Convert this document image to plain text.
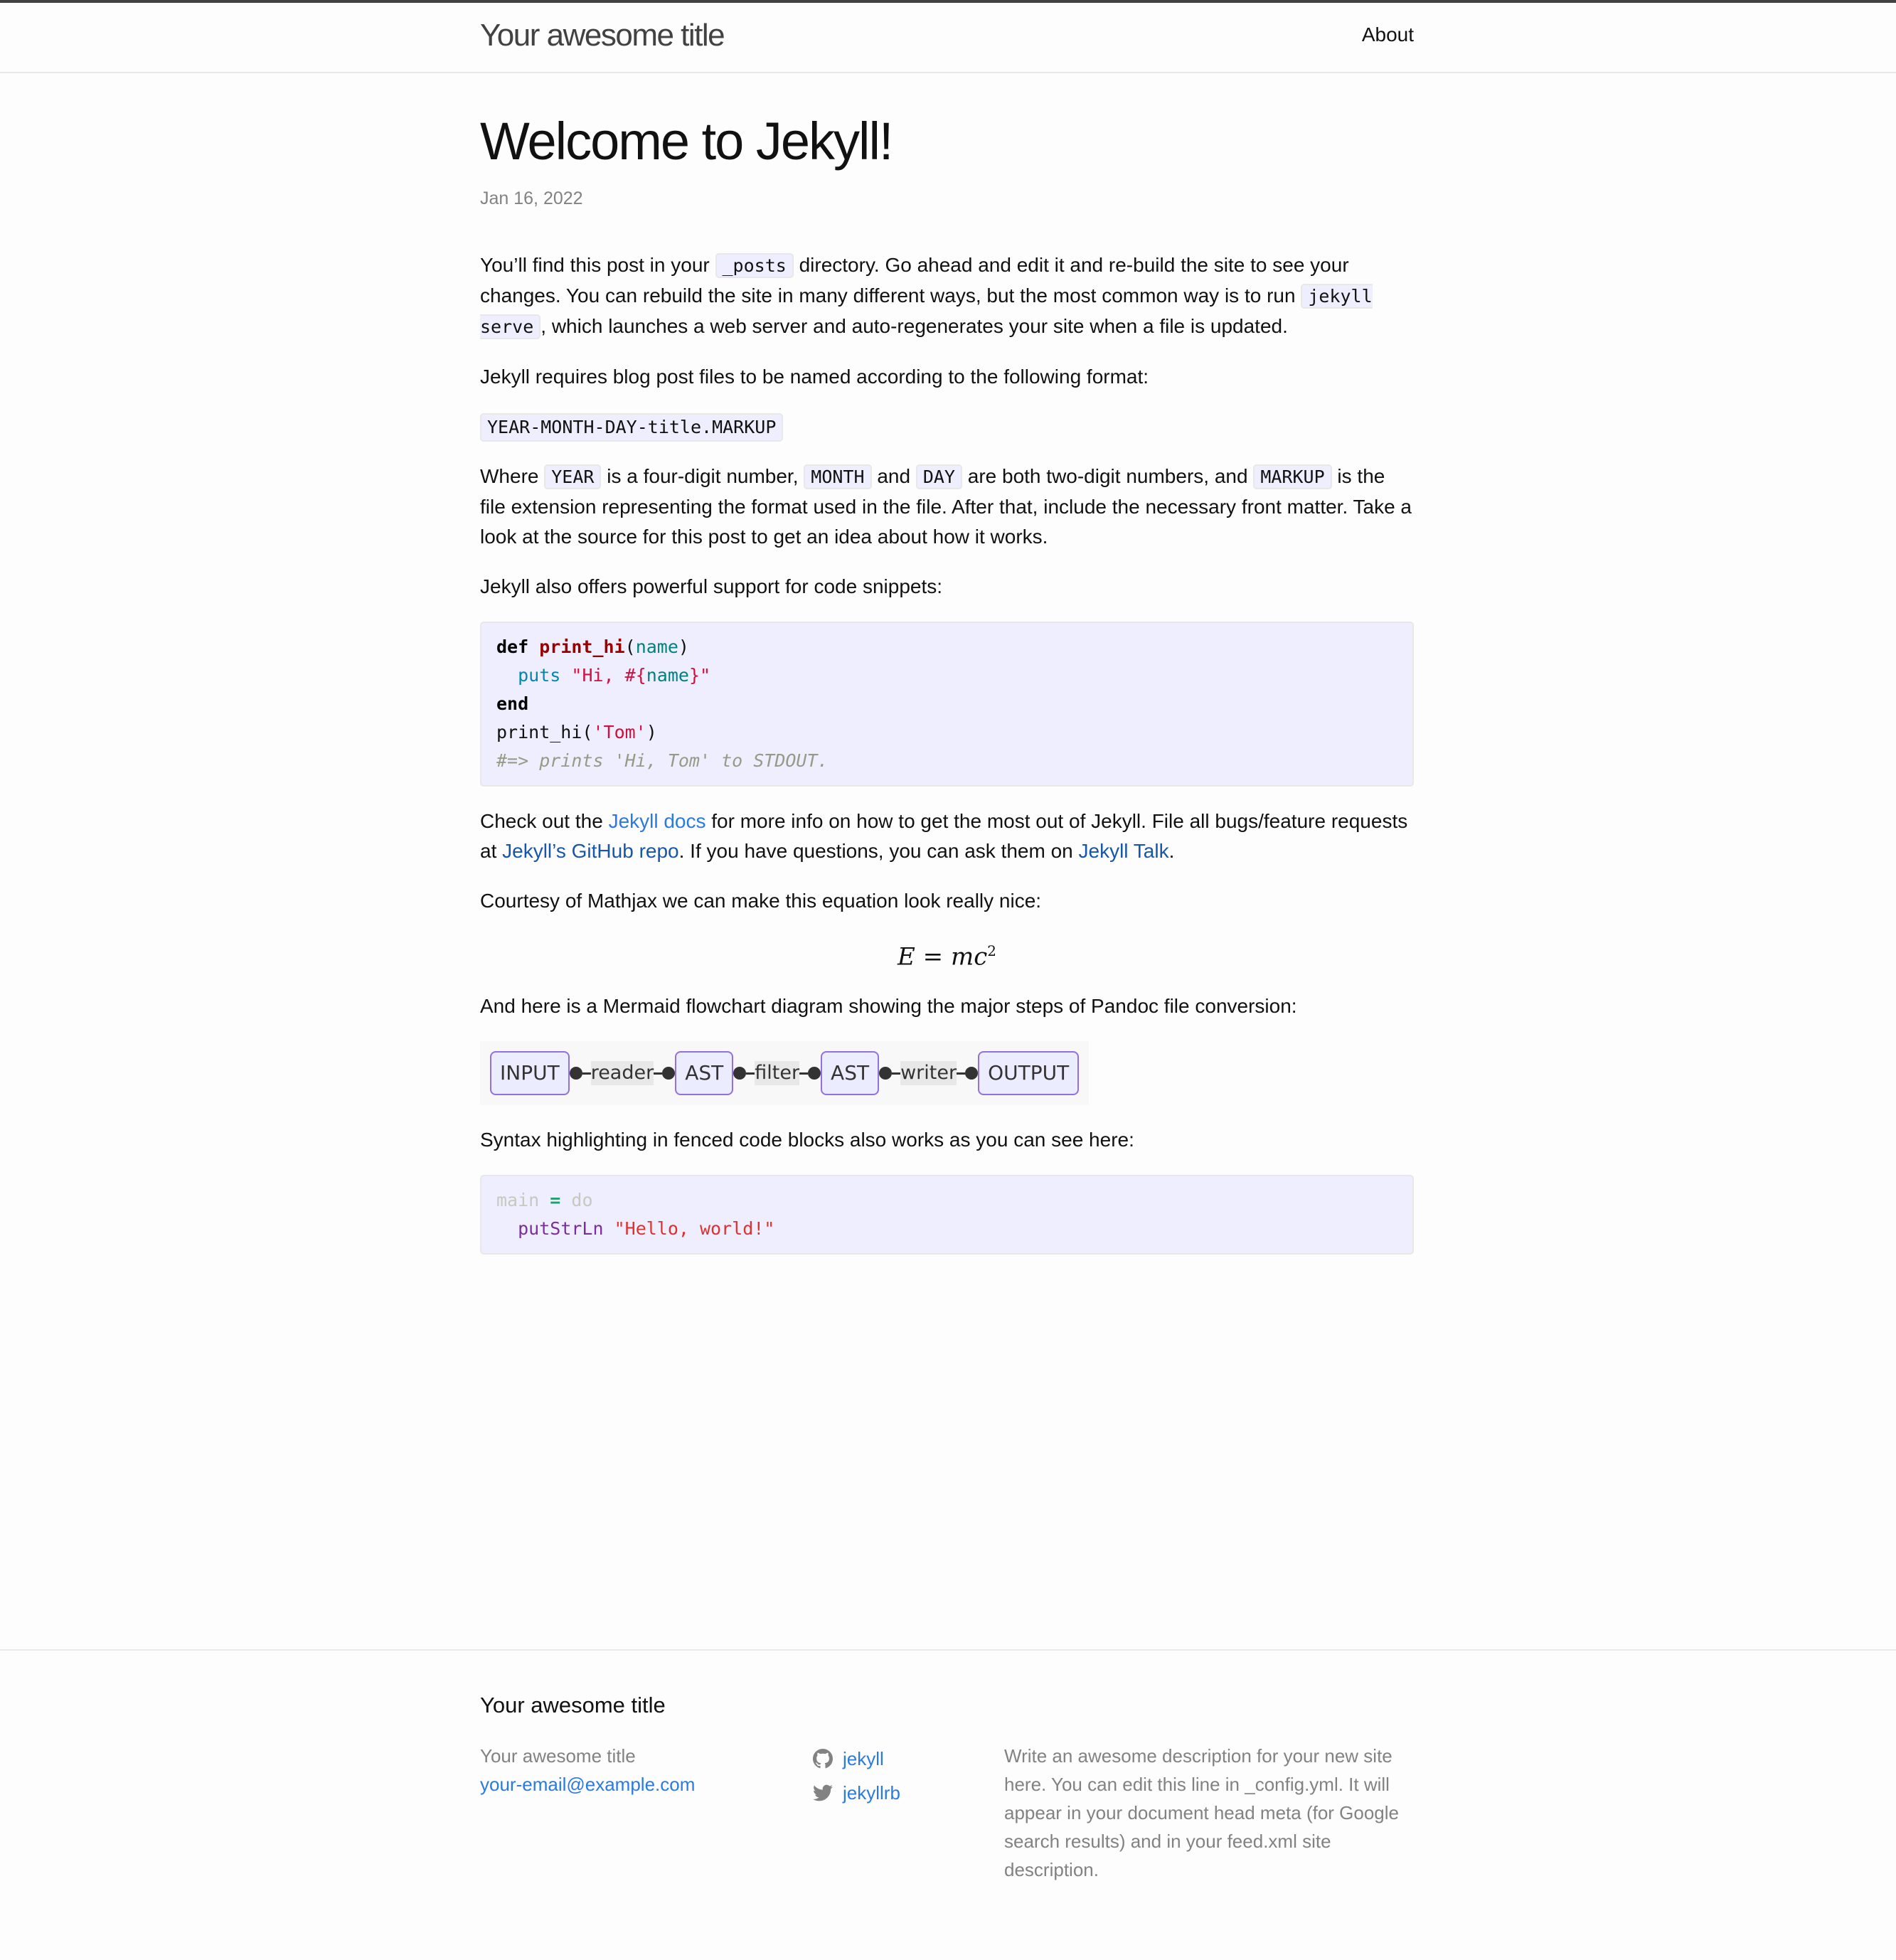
Your awesome title	About
Welcome to Jekyll!
Jan 16, 2022

You’ll find this post in your _posts directory. Go ahead and edit it and re-build the site to see your changes. You can rebuild the site in many different ways, but the most common way is to run jekyll serve , which launches a web server and auto-regenerates your site when a file is updated.

Jekyll requires blog post files to be named according to the following format:

YEAR-MONTH-DAY-title.MARKUP

Where YEAR is a four-digit number, MONTH and DAY are both two-digit numbers, and MARKUP is the file extension representing the format used in the file. After that, include the necessary front matter. Take a look at the source for this post to get an idea about how it works.

Jekyll also offers powerful support for code snippets:

def print_hi(name)
puts "Hi, #{name}"
end
print_hi('Tom')
#=> prints 'Hi, Tom' to STDOUT.

Check out the Jekyll docs for more info on how to get the most out of Jekyll. File all bugs/feature requests at Jekyll’s GitHub repo. If you have questions, you can ask them on Jekyll Talk.

Courtesy of Mathjax we can make this equation look really nice:

$E = mc^2$

And here is a Mermaid flowchart diagram showing the major steps of Pandoc file conversion:

INPUT	reader	AST	filter	AST	writer	OUTPUT

Syntax highlighting in fenced code blocks also works as you can see here:

main = do
putStrLn "Hello, world!"
Your awesome title
Your awesome title
your-email@example.com
jekyll
jekyllrb
Write an awesome description for your new site here. You can edit this line in _config.yml. It will appear in your document head meta (for Google search results) and in your feed.xml site description.
